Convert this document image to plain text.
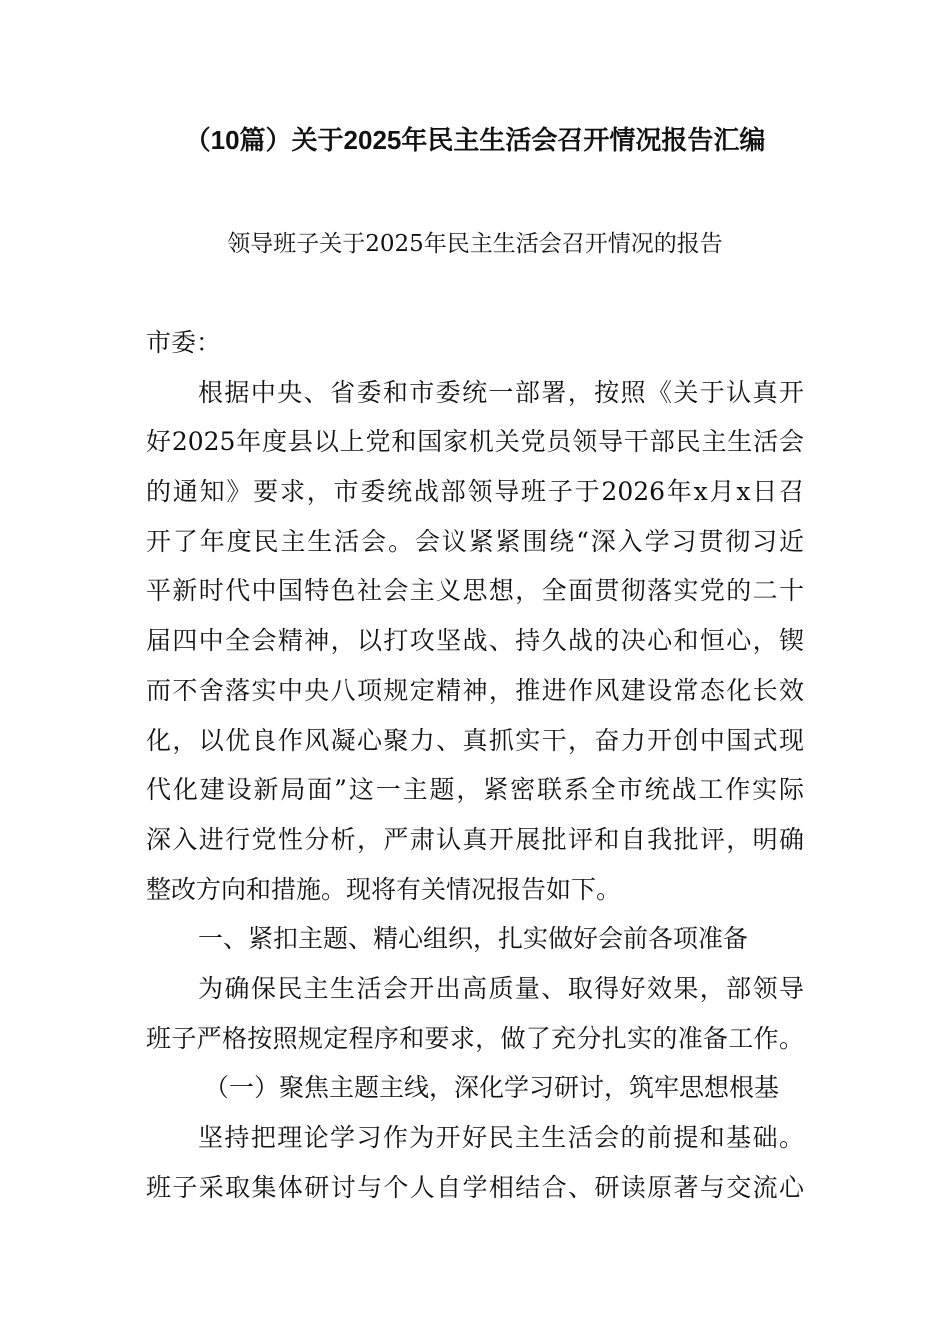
（10篇）关于2025年民主生活会召开情况报告汇编
领导班子关于2025年民主生活会召开情况的报告
市委：
根据中央、省委和市委统一部署，按照《关于认真开
好2025年度县以上党和国家机关党员领导干部民主生活会
的通知》要求，市委统战部领导班子于2026年x月x日召
开了年度民主生活会。会议紧紧围绕“深入学习贯彻习近
平新时代中国特色社会主义思想，全面贯彻落实党的二十
届四中全会精神，以打攻坚战、持久战的决心和恒心，锲
而不舍落实中央八项规定精神，推进作风建设常态化长效
化，以优良作风凝心聚力、真抓实干，奋力开创中国式现
代化建设新局面”这一主题，紧密联系全市统战工作实际
深入进行党性分析，严肃认真开展批评和自我批评，明确
整改方向和措施。现将有关情况报告如下。
一、紧扣主题、精心组织，扎实做好会前各项准备
为确保民主生活会开出高质量、取得好效果，部领导
班子严格按照规定程序和要求，做了充分扎实的准备工作。
（一）聚焦主题主线，深化学习研讨，筑牢思想根基
坚持把理论学习作为开好民主生活会的前提和基础。
班子采取集体研讨与个人自学相结合、研读原著与交流心
